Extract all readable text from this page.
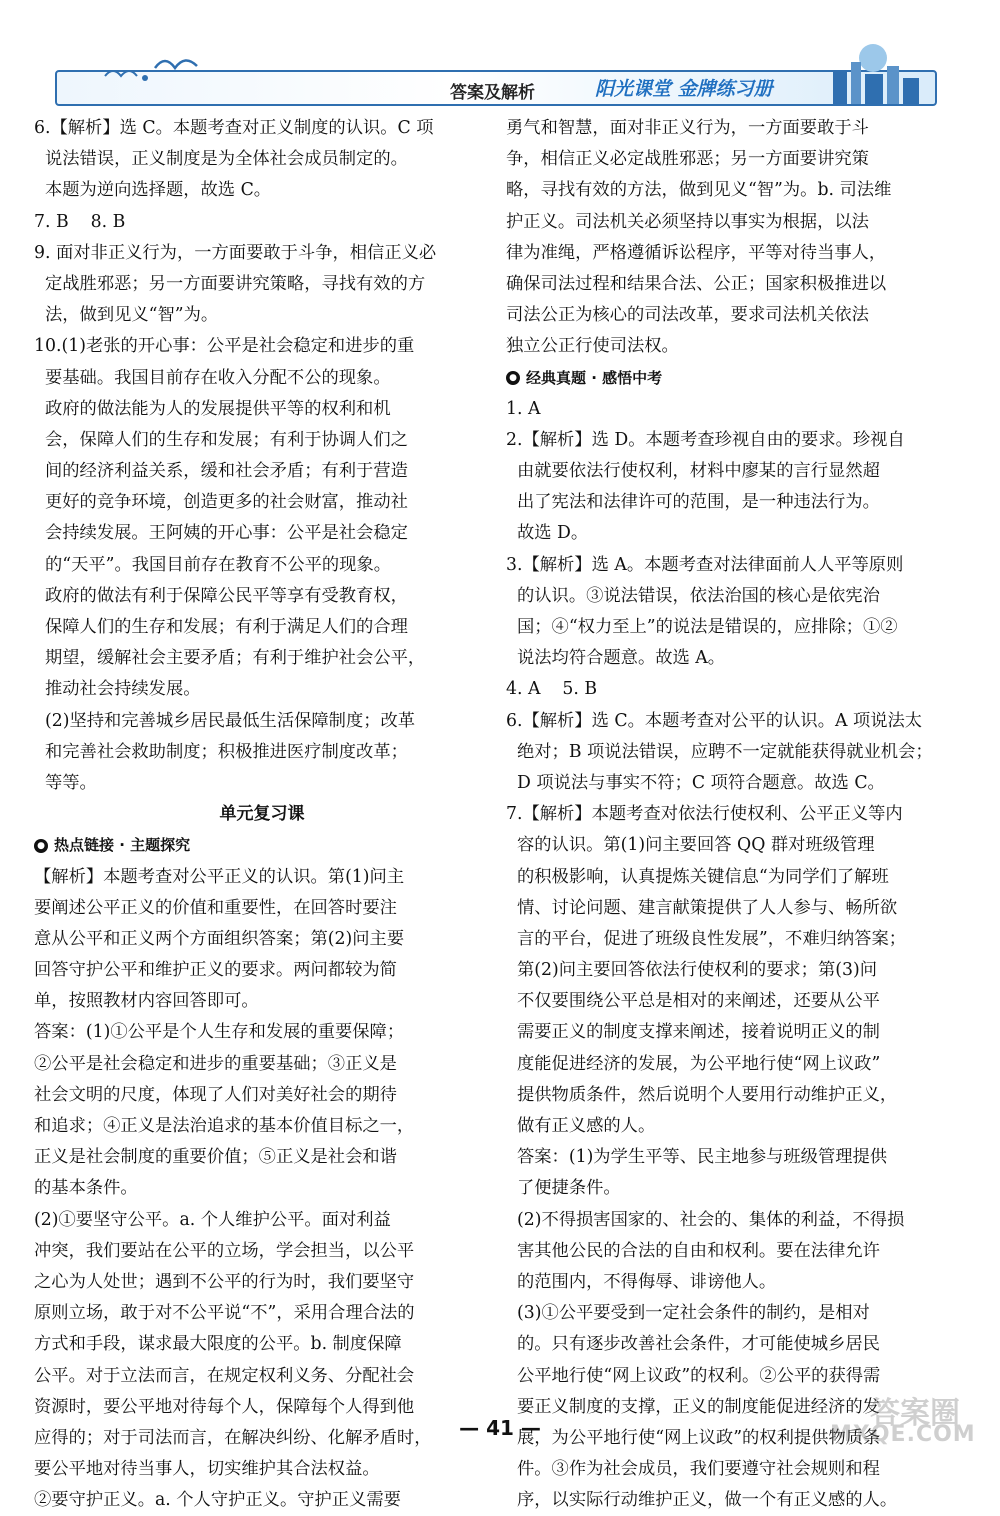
答案及解析	阳光课堂 金牌练习册
6.【解析】选 C。本题考查对正义制度的认识。C 项
说法错误，正义制度是为全体社会成员制定的。
本题为逆向选择题，故选 C。
7. B    8. B
9. 面对非正义行为，一方面要敢于斗争，相信正义必
定战胜邪恶；另一方面要讲究策略，寻找有效的方
法，做到见义“智”为。
10.(1)老张的开心事：公平是社会稳定和进步的重
要基础。我国目前存在收入分配不公的现象。
政府的做法能为人的发展提供平等的权利和机
会，保障人们的生存和发展；有利于协调人们之
间的经济利益关系，缓和社会矛盾；有利于营造
更好的竞争环境，创造更多的社会财富，推动社
会持续发展。王阿姨的开心事：公平是社会稳定
的“天平”。我国目前存在教育不公平的现象。
政府的做法有利于保障公民平等享有受教育权，
保障人们的生存和发展；有利于满足人们的合理
期望，缓解社会主要矛盾；有利于维护社会公平，
推动社会持续发展。
(2)坚持和完善城乡居民最低生活保障制度；改革
和完善社会救助制度；积极推进医疗制度改革；
等等。
单元复习课
● 热点链接 · 主题探究
【解析】本题考查对公平正义的认识。第(1)问主
要阐述公平正义的价值和重要性，在回答时要注
意从公平和正义两个方面组织答案；第(2)问主要
回答守护公平和维护正义的要求。两问都较为简
单，按照教材内容回答即可。
答案：(1)①公平是个人生存和发展的重要保障；
②公平是社会稳定和进步的重要基础；③正义是
社会文明的尺度，体现了人们对美好社会的期待
和追求；④正义是法治追求的基本价值目标之一，
正义是社会制度的重要价值；⑤正义是社会和谐
的基本条件。
(2)①要坚守公平。a. 个人维护公平。面对利益
冲突，我们要站在公平的立场，学会担当，以公平
之心为人处世；遇到不公平的行为时，我们要坚守
原则立场，敢于对不公平说“不”，采用合理合法的
方式和手段，谋求最大限度的公平。b. 制度保障
公平。对于立法而言，在规定权利义务、分配社会
资源时，要公平地对待每个人，保障每个人得到他
应得的；对于司法而言，在解决纠纷、化解矛盾时，
要公平地对待当事人，切实维护其合法权益。
②要守护正义。a. 个人守护正义。守护正义需要
勇气和智慧，面对非正义行为，一方面要敢于斗
争，相信正义必定战胜邪恶；另一方面要讲究策
略，寻找有效的方法，做到见义“智”为。b. 司法维
护正义。司法机关必须坚持以事实为根据，以法
律为准绳，严格遵循诉讼程序，平等对待当事人，
确保司法过程和结果合法、公正；国家积极推进以
司法公正为核心的司法改革，要求司法机关依法
独立公正行使司法权。
● 经典真题 · 感悟中考
1. A
2.【解析】选 D。本题考查珍视自由的要求。珍视自
由就要依法行使权利，材料中廖某的言行显然超
出了宪法和法律许可的范围，是一种违法行为。
故选 D。
3.【解析】选 A。本题考查对法律面前人人平等原则
的认识。③说法错误，依法治国的核心是依宪治
国；④“权力至上”的说法是错误的，应排除；①②
说法均符合题意。故选 A。
4. A    5. B
6.【解析】选 C。本题考查对公平的认识。A 项说法太
绝对；B 项说法错误，应聘不一定就能获得就业机会；
D 项说法与事实不符；C 项符合题意。故选 C。
7.【解析】本题考查对依法行使权利、公平正义等内
容的认识。第(1)问主要回答 QQ 群对班级管理
的积极影响，认真提炼关键信息“为同学们了解班
情、讨论问题、建言献策提供了人人参与、畅所欲
言的平台，促进了班级良性发展”，不难归纳答案；
第(2)问主要回答依法行使权利的要求；第(3)问
不仅要围绕公平总是相对的来阐述，还要从公平
需要正义的制度支撑来阐述，接着说明正义的制
度能促进经济的发展，为公平地行使“网上议政”
提供物质条件，然后说明个人要用行动维护正义，
做有正义感的人。
答案：(1)为学生平等、民主地参与班级管理提供
了便捷条件。
(2)不得损害国家的、社会的、集体的利益，不得损
害其他公民的合法的自由和权利。要在法律允许
的范围内，不得侮辱、诽谤他人。
(3)①公平要受到一定社会条件的制约，是相对
的。只有逐步改善社会条件，才可能使城乡居民
公平地行使“网上议政”的权利。②公平的获得需
要正义制度的支撑，正义的制度能促进经济的发
展，为公平地行使“网上议政”的权利提供物质条
件。③作为社会成员，我们要遵守社会规则和程
序，以实际行动维护正义，做一个有正义感的人。
— 41 —	答案圈
MXQE.COM
